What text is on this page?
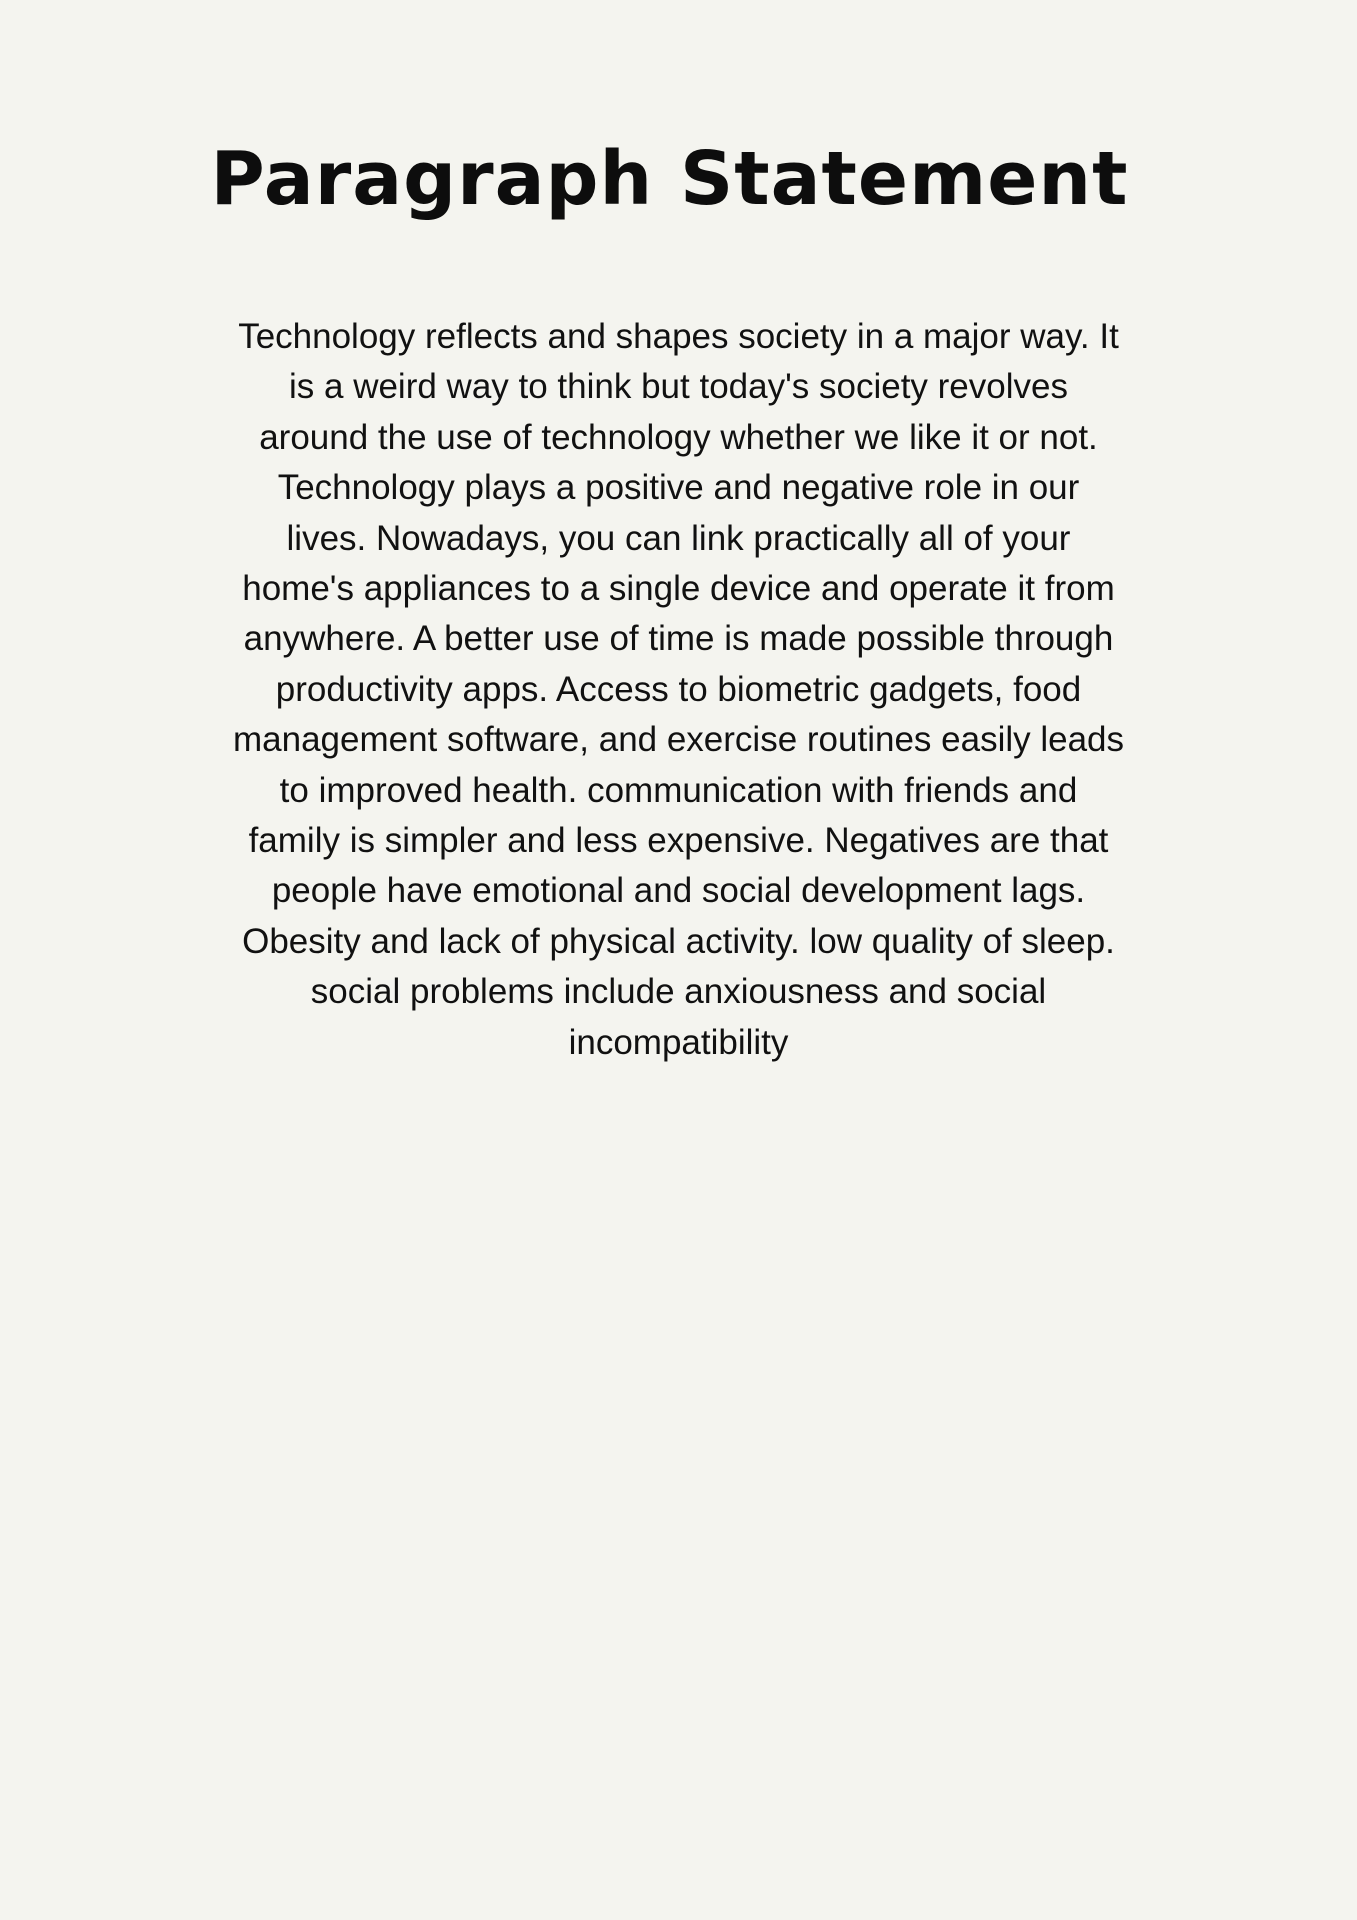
Paragraph Statement

Technology reflects and shapes society in a major way. It
is a weird way to think but today's society revolves
around the use of technology whether we like it or not.
Technology plays a positive and negative role in our
lives. Nowadays, you can link practically all of your
home's appliances to a single device and operate it from
anywhere. A better use of time is made possible through
productivity apps. Access to biometric gadgets, food
management software, and exercise routines easily leads
to improved health. communication with friends and
family is simpler and less expensive. Negatives are that
people have emotional and social development lags.
Obesity and lack of physical activity. low quality of sleep.
social problems include anxiousness and social
incompatibility
